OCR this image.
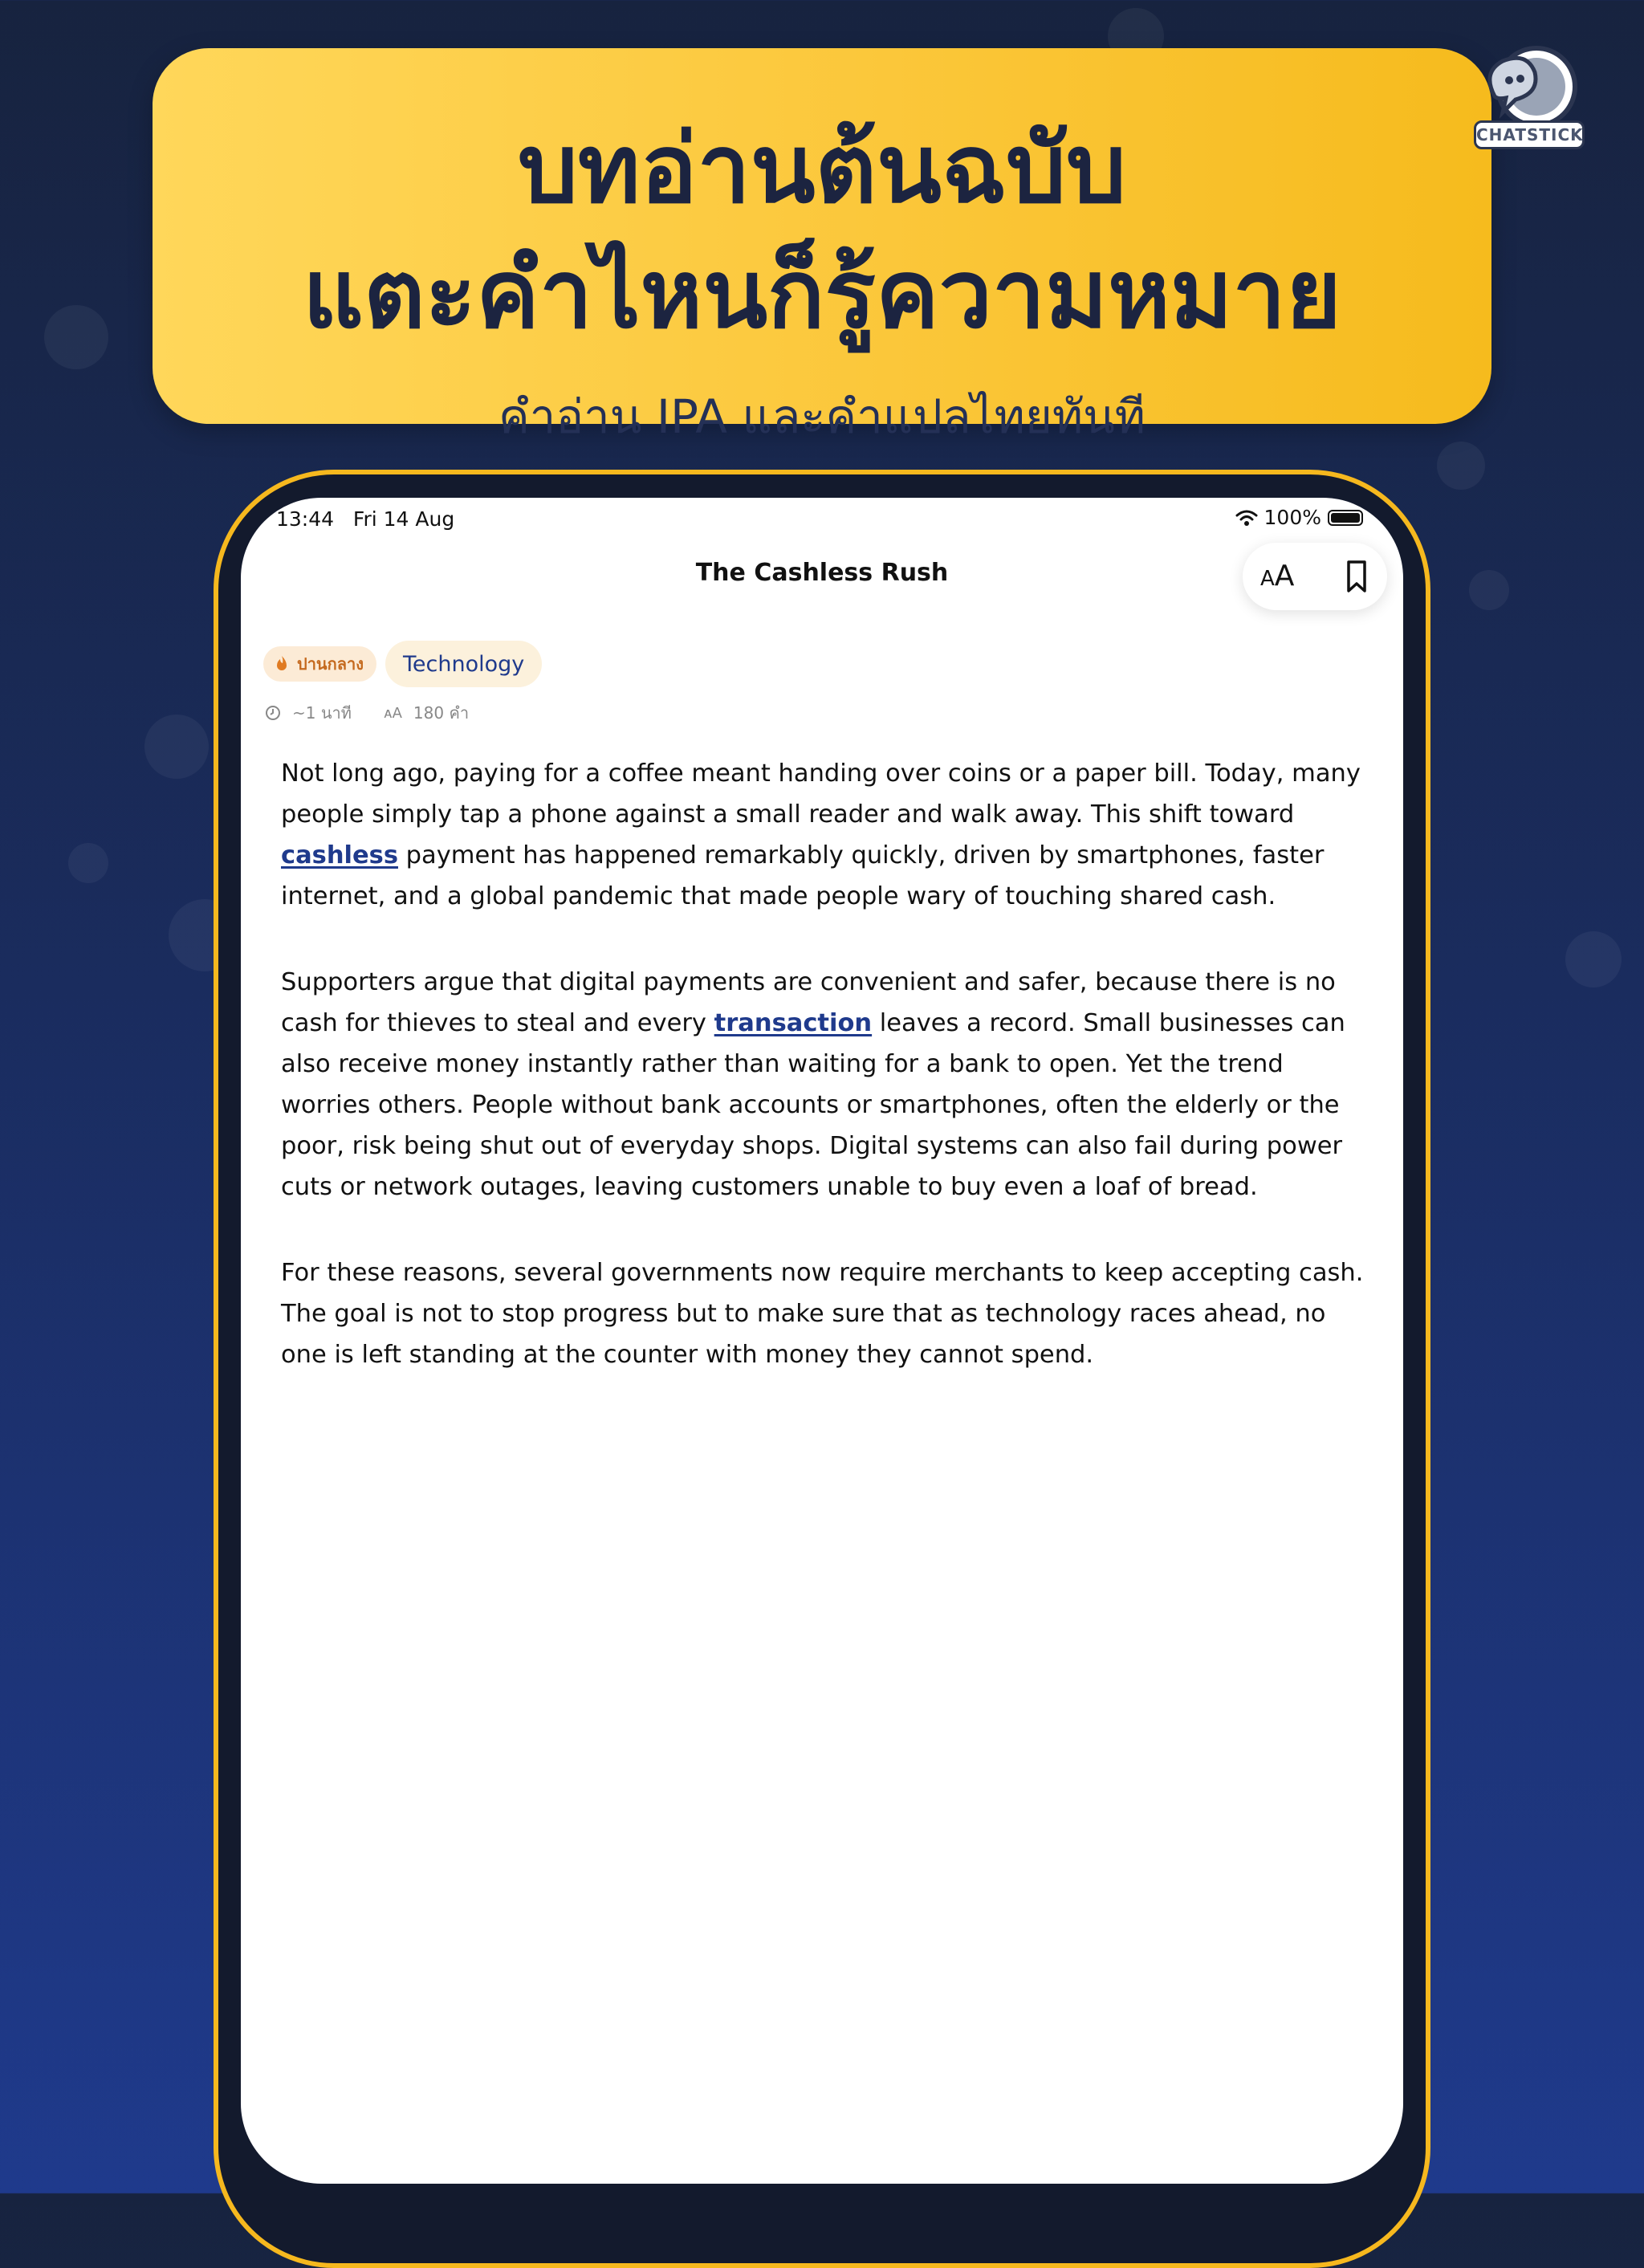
บทอ่านต้นฉบับ
แตะคำไหนก็รู้ความหมาย
คำอ่าน IPA และคำแปลไทยทันที
CHATSTICK
13:44 Fri 14 Aug	100%
The Cashless Rush	AA
ปานกลาง	Technology
~1 นาที ᴀA 180 คำ

Not long ago, paying for a coffee meant handing over coins or a paper bill. Today, many people simply tap a phone against a small reader and walk away. This shift toward cashless payment has happened remarkably quickly, driven by smartphones, faster internet, and a global pandemic that made people wary of touching shared cash.

Supporters argue that digital payments are convenient and safer, because there is no cash for thieves to steal and every transaction leaves a record. Small businesses can also receive money instantly rather than waiting for a bank to open. Yet the trend worries others. People without bank accounts or smartphones, often the elderly or the poor, risk being shut out of everyday shops. Digital systems can also fail during power cuts or network outages, leaving customers unable to buy even a loaf of bread.

For these reasons, several governments now require merchants to keep accepting cash. The goal is not to stop progress but to make sure that as technology races ahead, no one is left standing at the counter with money they cannot spend.
